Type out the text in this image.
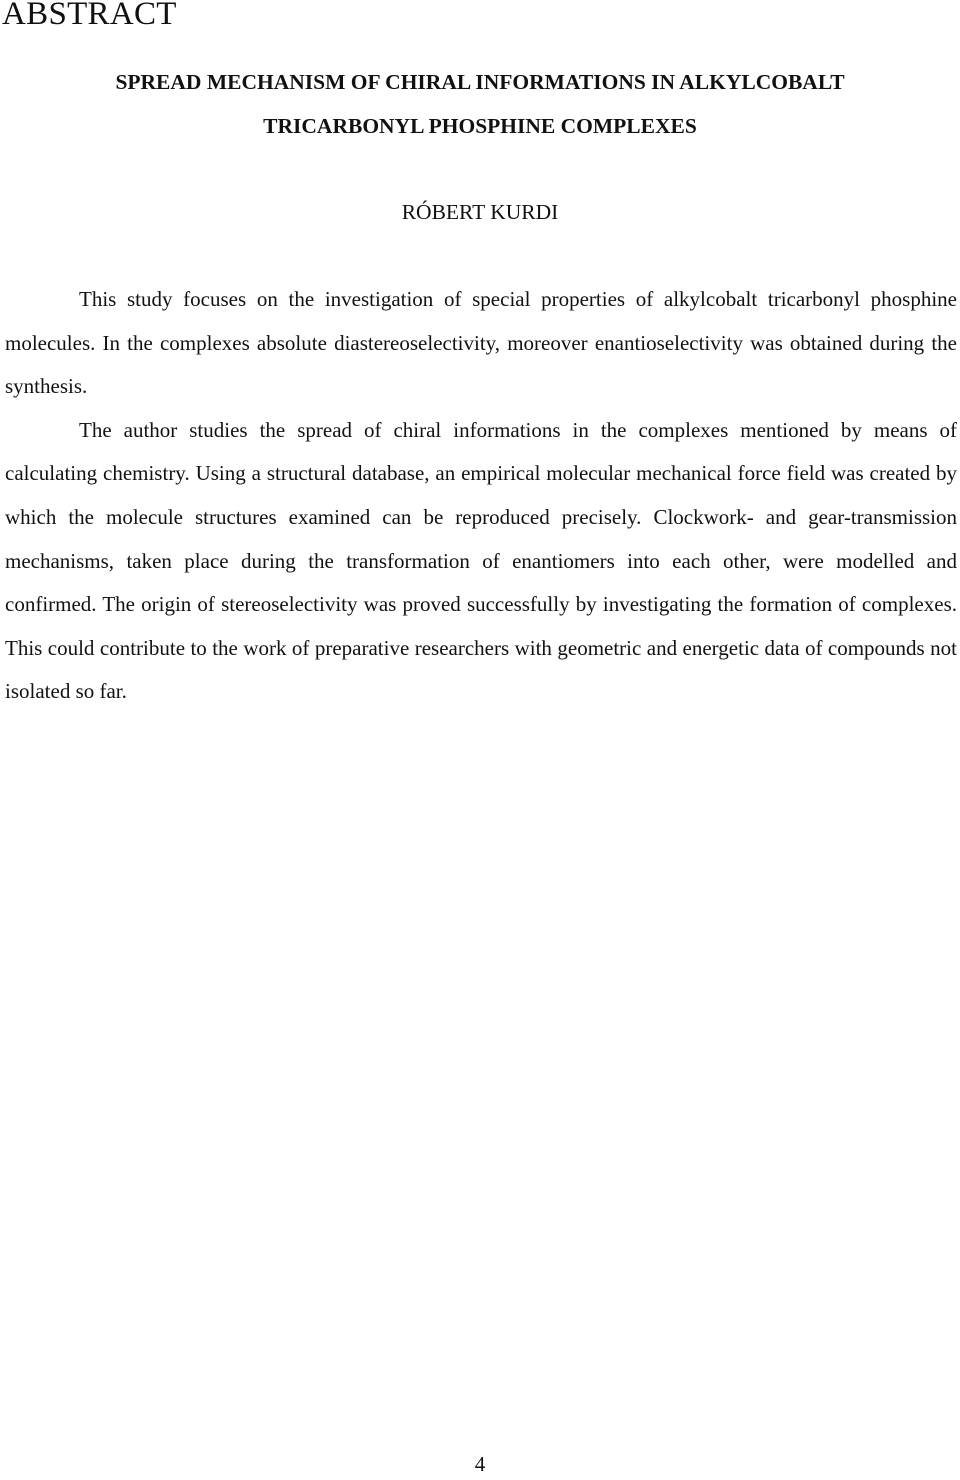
ABSTRACT
SPREAD MECHANISM OF CHIRAL INFORMATIONS IN ALKYLCOBALT
TRICARBONYL PHOSPHINE COMPLEXES
RÓBERT KURDI

This study focuses on the investigation of special properties of alkylcobalt tricarbonyl phosphine molecules. In the complexes absolute diastereoselectivity, moreover enantioselectivity was obtained during the synthesis.

The author studies the spread of chiral informations in the complexes mentioned by means of calculating chemistry. Using a structural database, an empirical molecular mechanical force field was created by which the molecule structures examined can be reproduced precisely. Clockwork- and gear-transmission mechanisms, taken place during the transformation of enantiomers into each other, were modelled and confirmed. The origin of stereoselectivity was proved successfully by investigating the formation of complexes. This could contribute to the work of preparative researchers with geometric and energetic data of compounds not isolated so far.

4
